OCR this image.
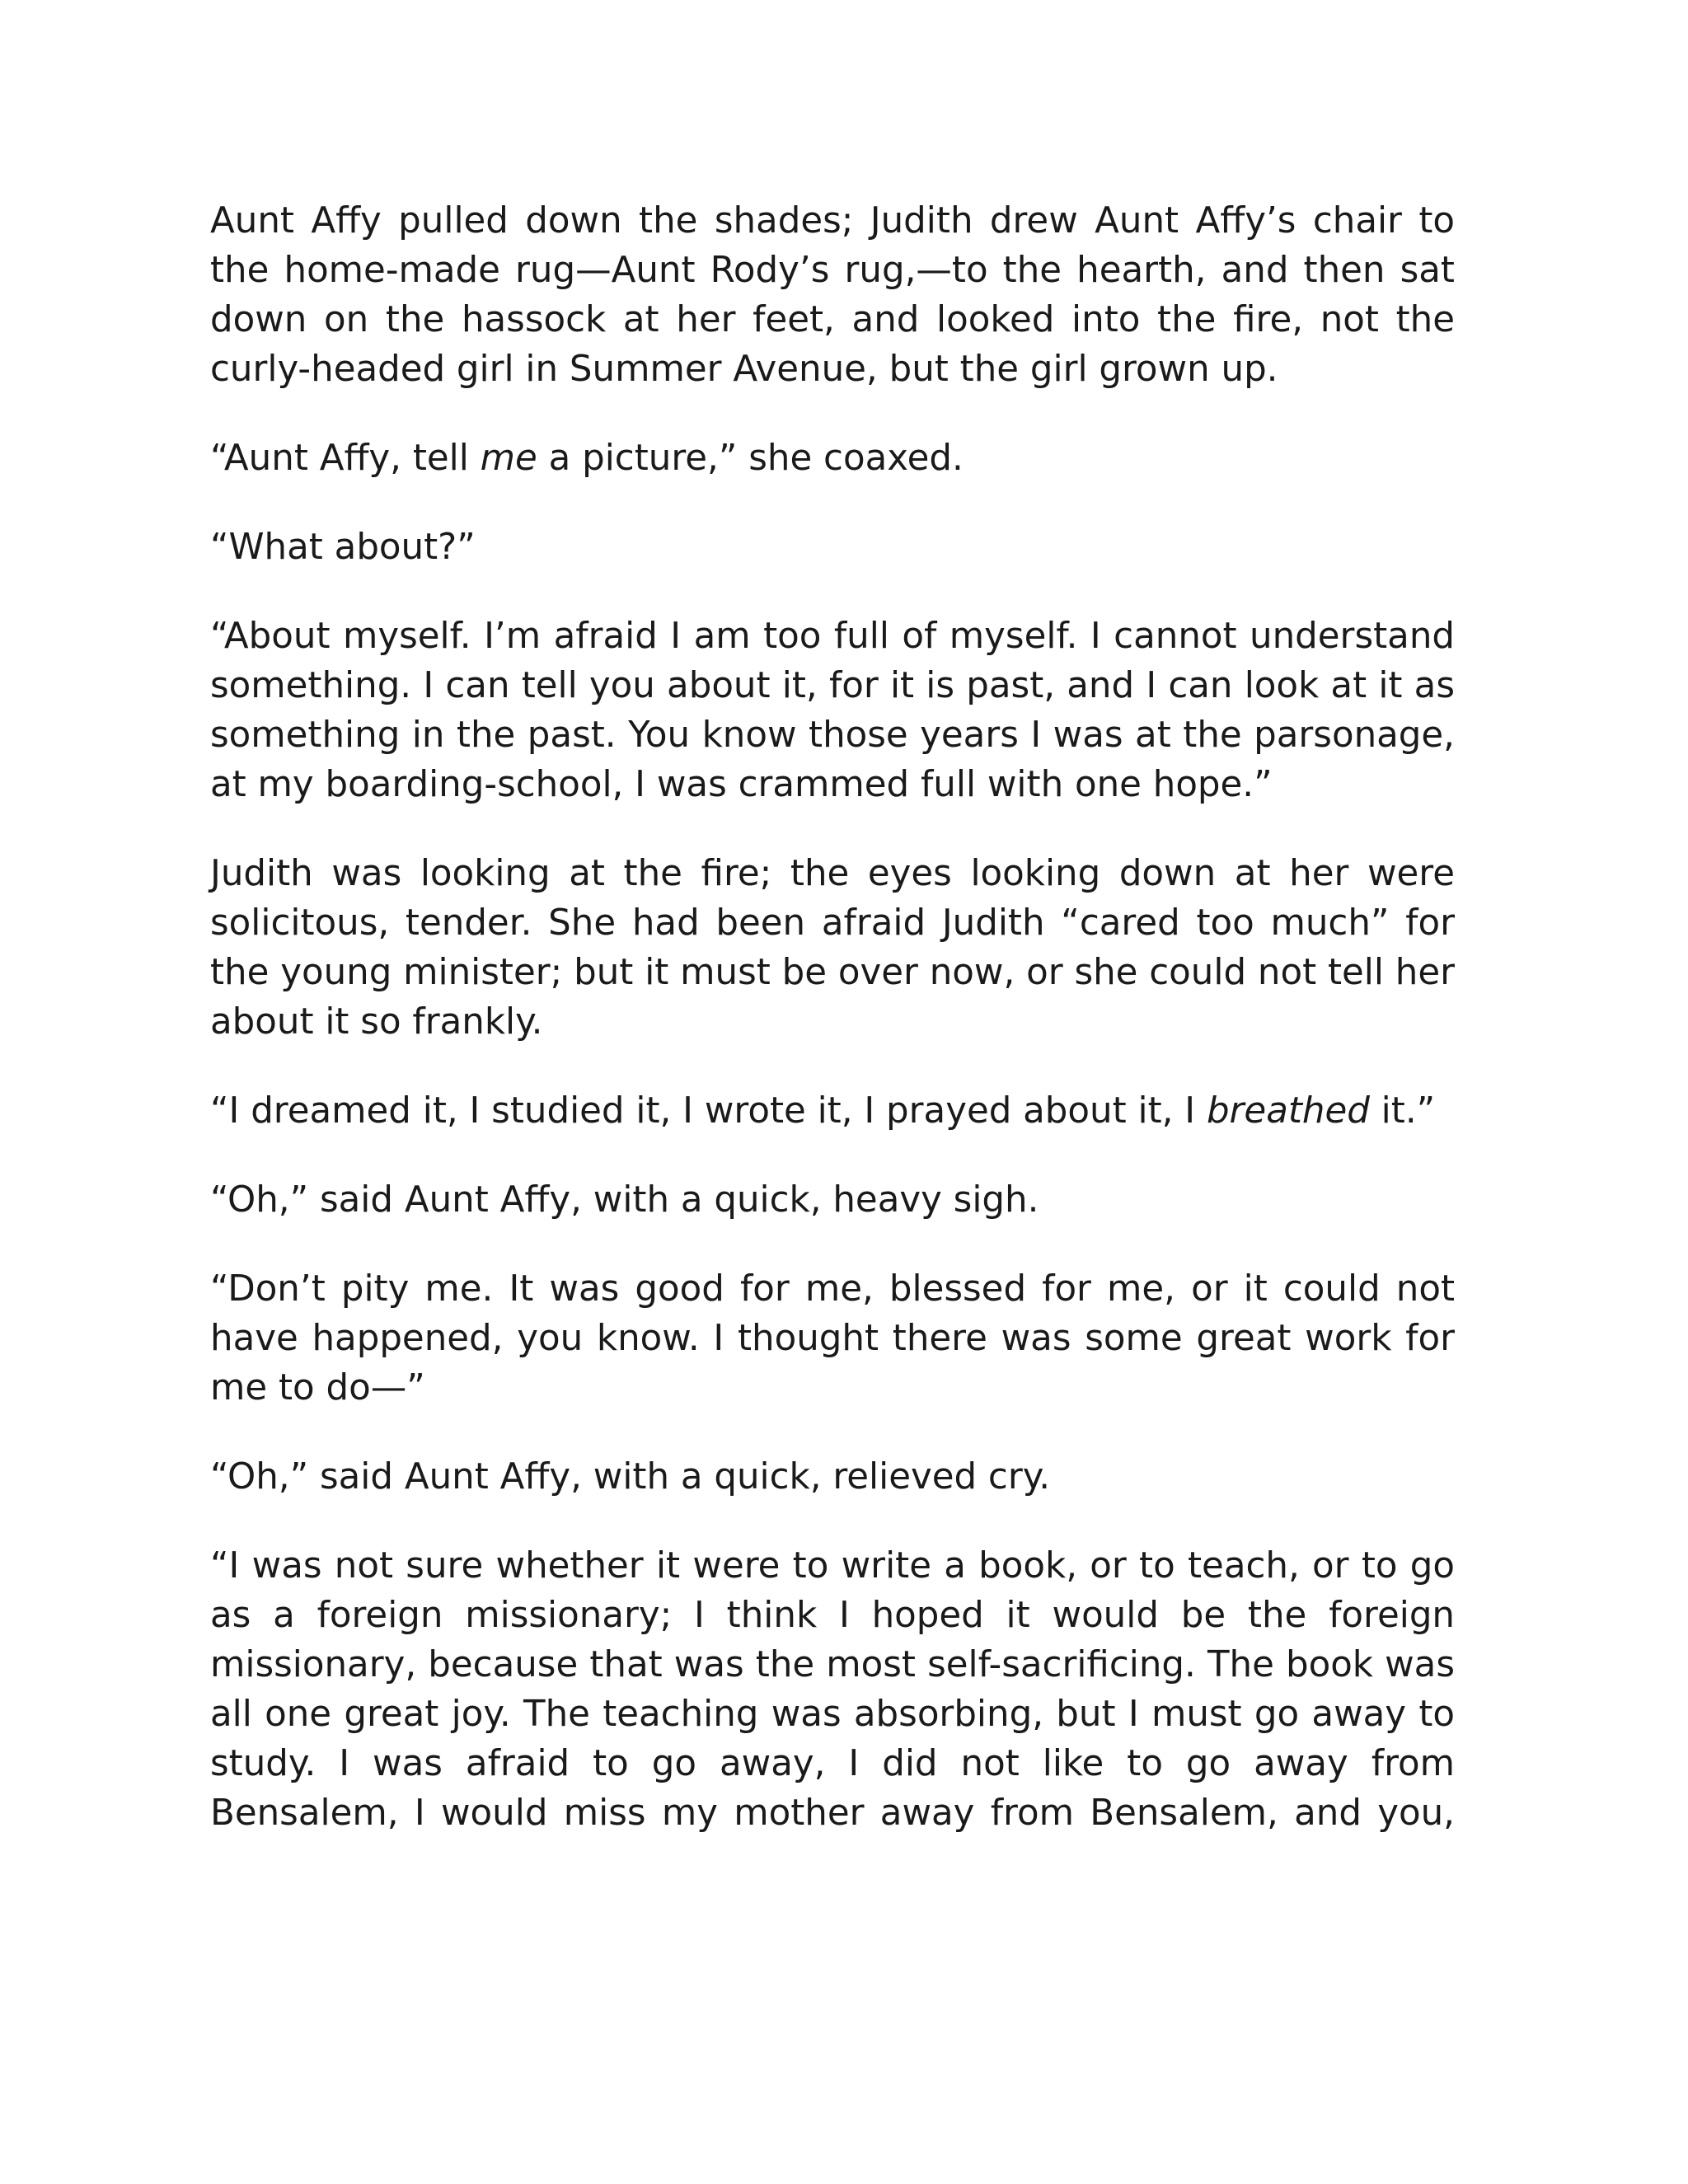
Aunt Affy pulled down the shades; Judith drew Aunt Affy’s chair to the home-made rug—Aunt Rody’s rug,—to the hearth, and then sat down on the hassock at her feet, and looked into the fire, not the curly-headed girl in Summer Avenue, but the girl grown up.

“Aunt Affy, tell me a picture,” she coaxed.

“What about?”

“About myself. I’m afraid I am too full of myself. I cannot understand something. I can tell you about it, for it is past, and I can look at it as something in the past. You know those years I was at the parsonage, at my boarding-school, I was crammed full with one hope.”

Judith was looking at the fire; the eyes looking down at her were solicitous, tender. She had been afraid Judith “cared too much” for the young minister; but it must be over now, or she could not tell her about it so frankly.

“I dreamed it, I studied it, I wrote it, I prayed about it, I breathed it.”

“Oh,” said Aunt Affy, with a quick, heavy sigh.

“Don’t pity me. It was good for me, blessed for me, or it could not have happened, you know. I thought there was some great work for me to do—”

“Oh,” said Aunt Affy, with a quick, relieved cry.

“I was not sure whether it were to write a book, or to teach, or to go as a foreign missionary; I think I hoped it would be the foreign missionary, because that was the most self-sacrificing. The book was all one great joy. The teaching was absorbing, but I must go away to study. I was afraid to go away, I did not like to go away from Bensalem, I would miss my mother away from Bensalem, and you,
